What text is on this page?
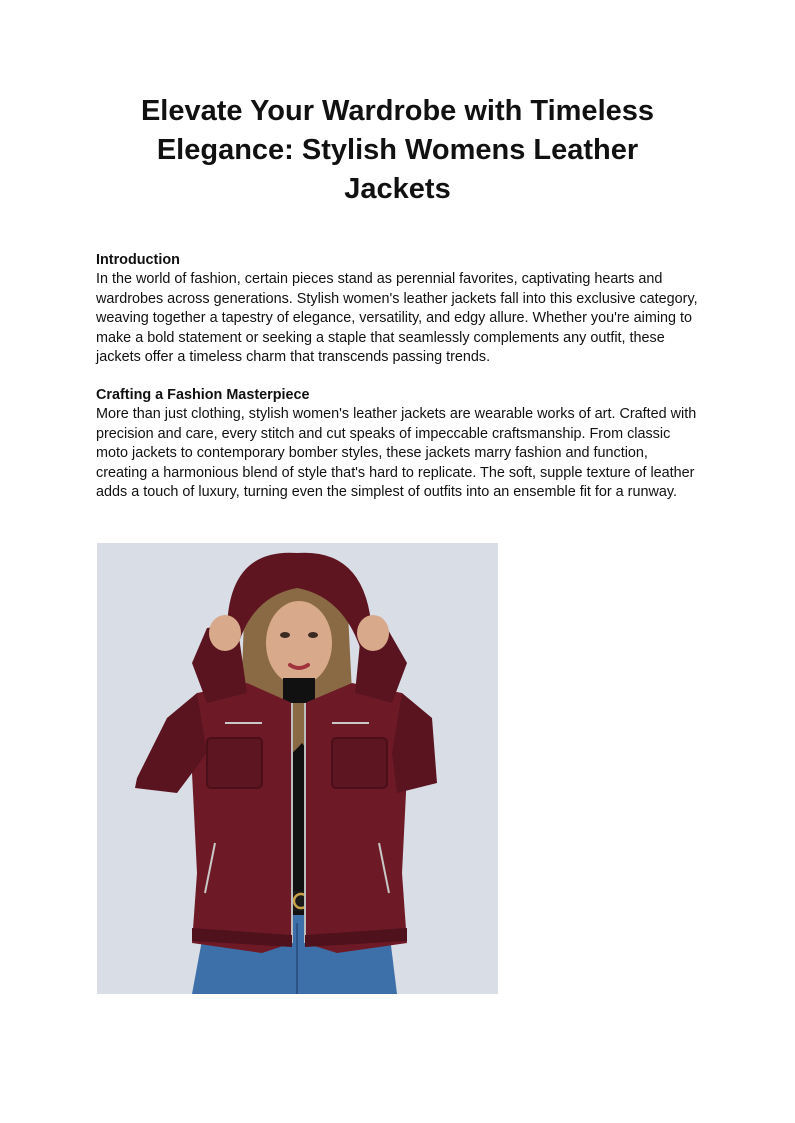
Elevate Your Wardrobe with Timeless Elegance: Stylish Womens Leather Jackets

Introduction

In the world of fashion, certain pieces stand as perennial favorites, captivating hearts and wardrobes across generations. Stylish women's leather jackets fall into this exclusive category, weaving together a tapestry of elegance, versatility, and edgy allure. Whether you're aiming to make a bold statement or seeking a staple that seamlessly complements any outfit, these jackets offer a timeless charm that transcends passing trends.

Crafting a Fashion Masterpiece

More than just clothing, stylish women's leather jackets are wearable works of art. Crafted with precision and care, every stitch and cut speaks of impeccable craftsmanship. From classic moto jackets to contemporary bomber styles, these jackets marry fashion and function, creating a harmonious blend of style that's hard to replicate. The soft, supple texture of leather adds a touch of luxury, turning even the simplest of outfits into an ensemble fit for a runway.
